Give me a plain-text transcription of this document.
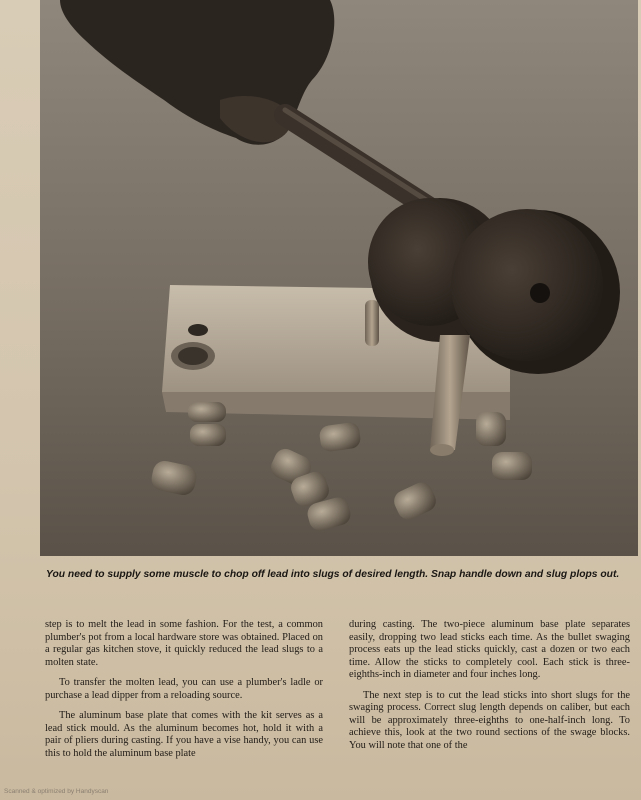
You need to supply some muscle to chop off lead into slugs of desired length. Snap handle down and slug plops out.

step is to melt the lead in some fashion. For the test, a common plumber's pot from a local hardware store was obtained. Placed on a regular gas kitchen stove, it quickly reduced the lead slugs to a molten state.

To transfer the molten lead, you can use a plumber's ladle or purchase a lead dipper from a reloading source.

The aluminum base plate that comes with the kit serves as a lead stick mould. As the aluminum becomes hot, hold it with a pair of pliers during casting. If you have a vise handy, you can use this to hold the aluminum base plate

during casting. The two-piece aluminum base plate separates easily, dropping two lead sticks each time. As the bullet swaging process eats up the lead sticks quickly, cast a dozen or two each time. Allow the sticks to completely cool. Each stick is three-eighths-inch in diameter and four inches long.

The next step is to cut the lead sticks into short slugs for the swaging process. Correct slug length depends on caliber, but each will be approximately three-eighths to one-half-inch long. To achieve this, look at the two round sections of the swage blocks. You will note that one of the

Scanned & optimized by Handyscan
